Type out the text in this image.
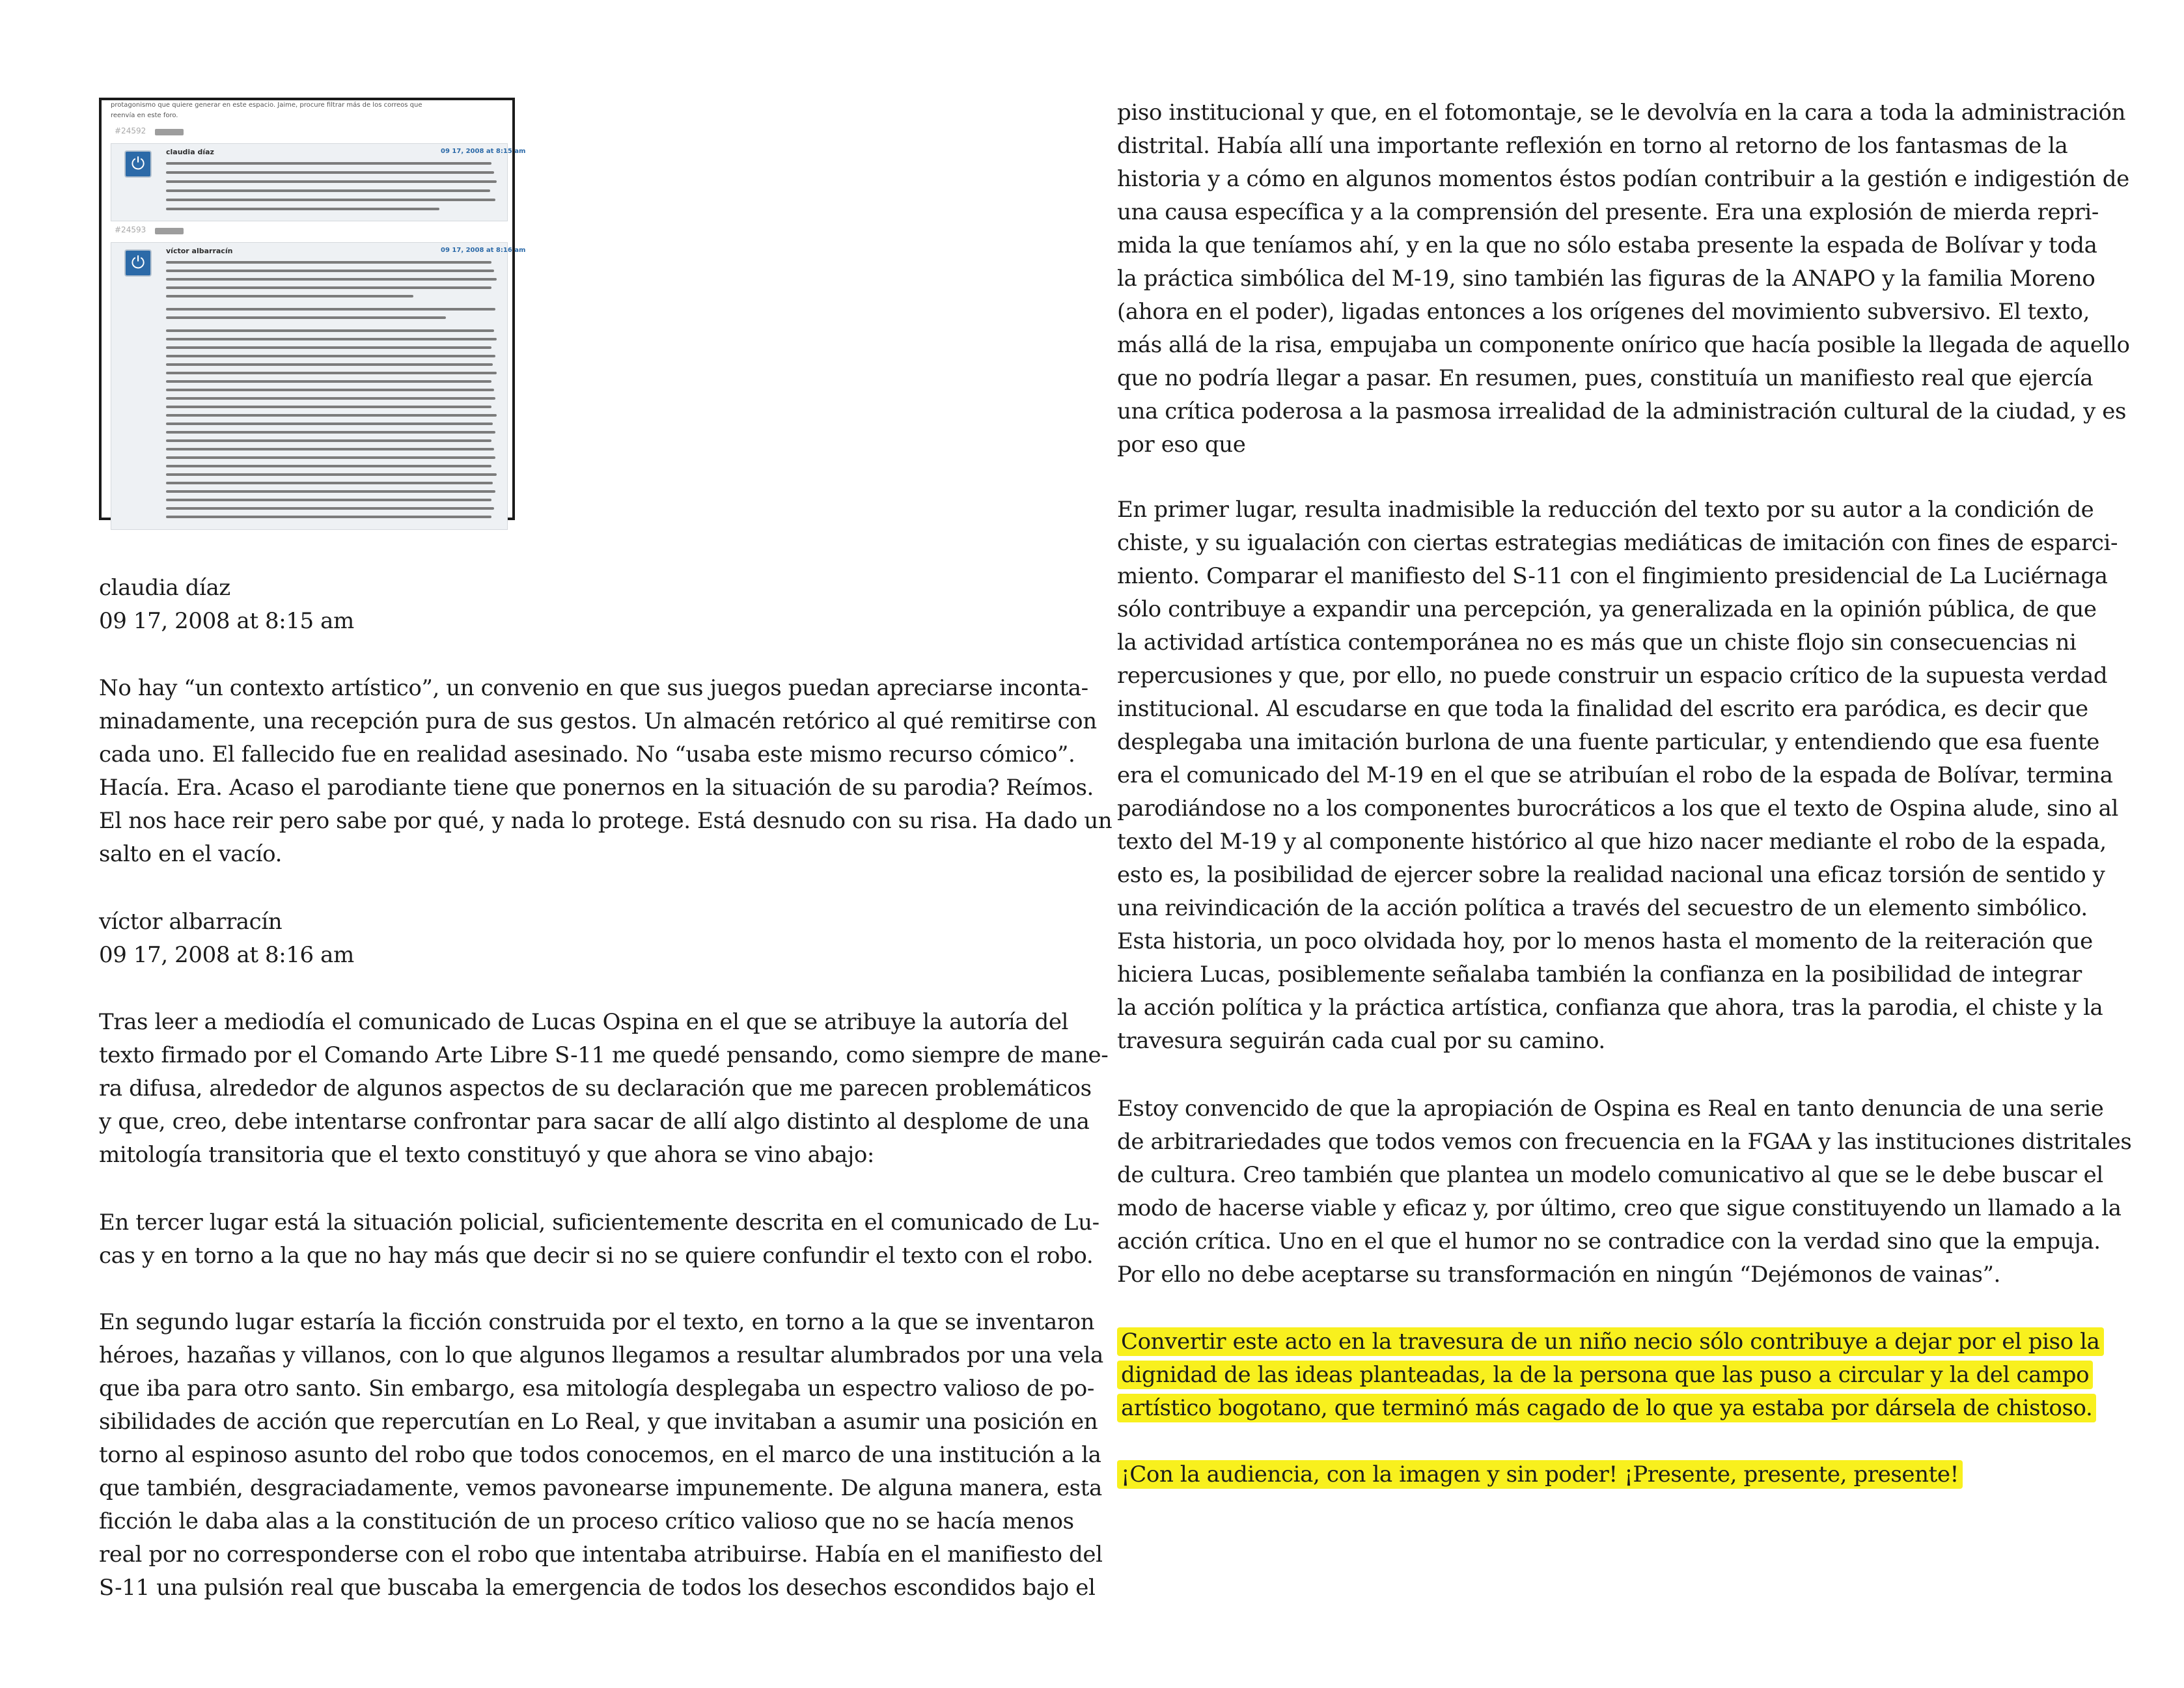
protagonismo que quiere generar en este espacio. Jaime, procure filtrar más de los correos que
reenvía en este foro.
#24592
⏻
claudia díaz	09 17, 2008 at 8:15 am
#24593
⏻
víctor albarracín	09 17, 2008 at 8:16 am
claudia díaz
09 17, 2008 at 8:15 am
No hay “un contexto artístico”, un convenio en que sus juegos puedan apreciarse inconta-
minadamente, una recepción pura de sus gestos. Un almacén retórico al qué remitirse con
cada uno. El fallecido fue en realidad asesinado. No “usaba este mismo recurso cómico”.
Hacía. Era. Acaso el parodiante tiene que ponernos en la situación de su parodia? Reímos.
El nos hace reir pero sabe por qué, y nada lo protege. Está desnudo con su risa. Ha dado un
salto en el vacío.
víctor albarracín
09 17, 2008 at 8:16 am
Tras leer a mediodía el comunicado de Lucas Ospina en el que se atribuye la autoría del
texto firmado por el Comando Arte Libre S-11 me quedé pensando, como siempre de mane-
ra difusa, alrededor de algunos aspectos de su declaración que me parecen problemáticos
y que, creo, debe intentarse confrontar para sacar de allí algo distinto al desplome de una
mitología transitoria que el texto constituyó y que ahora se vino abajo:
En tercer lugar está la situación policial, suficientemente descrita en el comunicado de Lu-
cas y en torno a la que no hay más que decir si no se quiere confundir el texto con el robo.
En segundo lugar estaría la ficción construida por el texto, en torno a la que se inventaron
héroes, hazañas y villanos, con lo que algunos llegamos a resultar alumbrados por una vela
que iba para otro santo. Sin embargo, esa mitología desplegaba un espectro valioso de po-
sibilidades de acción que repercutían en Lo Real, y que invitaban a asumir una posición en
torno al espinoso asunto del robo que todos conocemos, en el marco de una institución a la
que también, desgraciadamente, vemos pavonearse impunemente. De alguna manera, esta
ficción le daba alas a la constitución de un proceso crítico valioso que no se hacía menos
real por no corresponderse con el robo que intentaba atribuirse. Había en el manifiesto del
S-11 una pulsión real que buscaba la emergencia de todos los desechos escondidos bajo el
piso institucional y que, en el fotomontaje, se le devolvía en la cara a toda la administración
distrital. Había allí una importante reflexión en torno al retorno de los fantasmas de la
historia y a cómo en algunos momentos éstos podían contribuir a la gestión e indigestión de
una causa específica y a la comprensión del presente. Era una explosión de mierda repri-
mida la que teníamos ahí, y en la que no sólo estaba presente la espada de Bolívar y toda
la práctica simbólica del M-19, sino también las figuras de la ANAPO y la familia Moreno
(ahora en el poder), ligadas entonces a los orígenes del movimiento subversivo. El texto,
más allá de la risa, empujaba un componente onírico que hacía posible la llegada de aquello
que no podría llegar a pasar. En resumen, pues, constituía un manifiesto real que ejercía
una crítica poderosa a la pasmosa irrealidad de la administración cultural de la ciudad, y es
por eso que
En primer lugar, resulta inadmisible la reducción del texto por su autor a la condición de
chiste, y su igualación con ciertas estrategias mediáticas de imitación con fines de esparci-
miento. Comparar el manifiesto del S-11 con el fingimiento presidencial de La Luciérnaga
sólo contribuye a expandir una percepción, ya generalizada en la opinión pública, de que
la actividad artística contemporánea no es más que un chiste flojo sin consecuencias ni
repercusiones y que, por ello, no puede construir un espacio crítico de la supuesta verdad
institucional. Al escudarse en que toda la finalidad del escrito era paródica, es decir que
desplegaba una imitación burlona de una fuente particular, y entendiendo que esa fuente
era el comunicado del M-19 en el que se atribuían el robo de la espada de Bolívar, termina
parodiándose no a los componentes burocráticos a los que el texto de Ospina alude, sino al
texto del M-19 y al componente histórico al que hizo nacer mediante el robo de la espada,
esto es, la posibilidad de ejercer sobre la realidad nacional una eficaz torsión de sentido y
una reivindicación de la acción política a través del secuestro de un elemento simbólico.
Esta historia, un poco olvidada hoy, por lo menos hasta el momento de la reiteración que
hiciera Lucas, posiblemente señalaba también la confianza en la posibilidad de integrar
la acción política y la práctica artística, confianza que ahora, tras la parodia, el chiste y la
travesura seguirán cada cual por su camino.
Estoy convencido de que la apropiación de Ospina es Real en tanto denuncia de una serie
de arbitrariedades que todos vemos con frecuencia en la FGAA y las instituciones distritales
de cultura. Creo también que plantea un modelo comunicativo al que se le debe buscar el
modo de hacerse viable y eficaz y, por último, creo que sigue constituyendo un llamado a la
acción crítica. Uno en el que el humor no se contradice con la verdad sino que la empuja.
Por ello no debe aceptarse su transformación en ningún “Dejémonos de vainas”.
Convertir este acto en la travesura de un niño necio sólo contribuye a dejar por el piso la
dignidad de las ideas planteadas, la de la persona que las puso a circular y la del campo
artístico bogotano, que terminó más cagado de lo que ya estaba por dársela de chistoso.
¡Con la audiencia, con la imagen y sin poder! ¡Presente, presente, presente!
